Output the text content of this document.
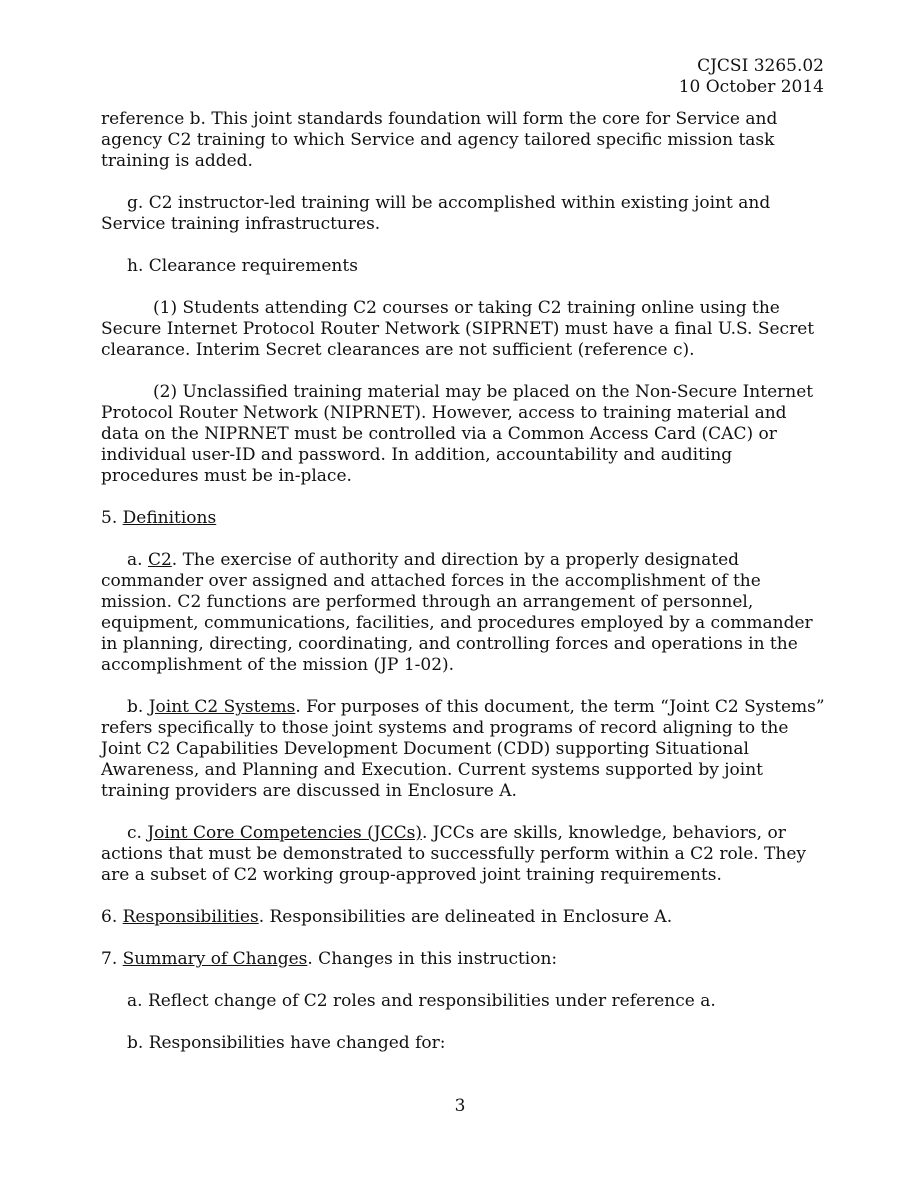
CJCSI 3265.02
10 October 2014

reference b. This joint standards foundation will form the core for Service and agency C2 training to which Service and agency tailored specific mission task training is added.

g. C2 instructor-led training will be accomplished within existing joint and Service training infrastructures.

h. Clearance requirements

(1) Students attending C2 courses or taking C2 training online using the Secure Internet Protocol Router Network (SIPRNET) must have a final U.S. Secret clearance. Interim Secret clearances are not sufficient (reference c).

(2) Unclassified training material may be placed on the Non-Secure Internet Protocol Router Network (NIPRNET). However, access to training material and data on the NIPRNET must be controlled via a Common Access Card (CAC) or individual user-ID and password. In addition, accountability and auditing procedures must be in-place.

5. Definitions

a. C2. The exercise of authority and direction by a properly designated commander over assigned and attached forces in the accomplishment of the mission. C2 functions are performed through an arrangement of personnel, equipment, communications, facilities, and procedures employed by a commander in planning, directing, coordinating, and controlling forces and operations in the accomplishment of the mission (JP 1-02).

b. Joint C2 Systems. For purposes of this document, the term “Joint C2 Systems” refers specifically to those joint systems and programs of record aligning to the Joint C2 Capabilities Development Document (CDD) supporting Situational Awareness, and Planning and Execution. Current systems supported by joint training providers are discussed in Enclosure A.

c. Joint Core Competencies (JCCs). JCCs are skills, knowledge, behaviors, or actions that must be demonstrated to successfully perform within a C2 role. They are a subset of C2 working group-approved joint training requirements.

6. Responsibilities. Responsibilities are delineated in Enclosure A.

7. Summary of Changes. Changes in this instruction:

a. Reflect change of C2 roles and responsibilities under reference a.

b. Responsibilities have changed for:

3
